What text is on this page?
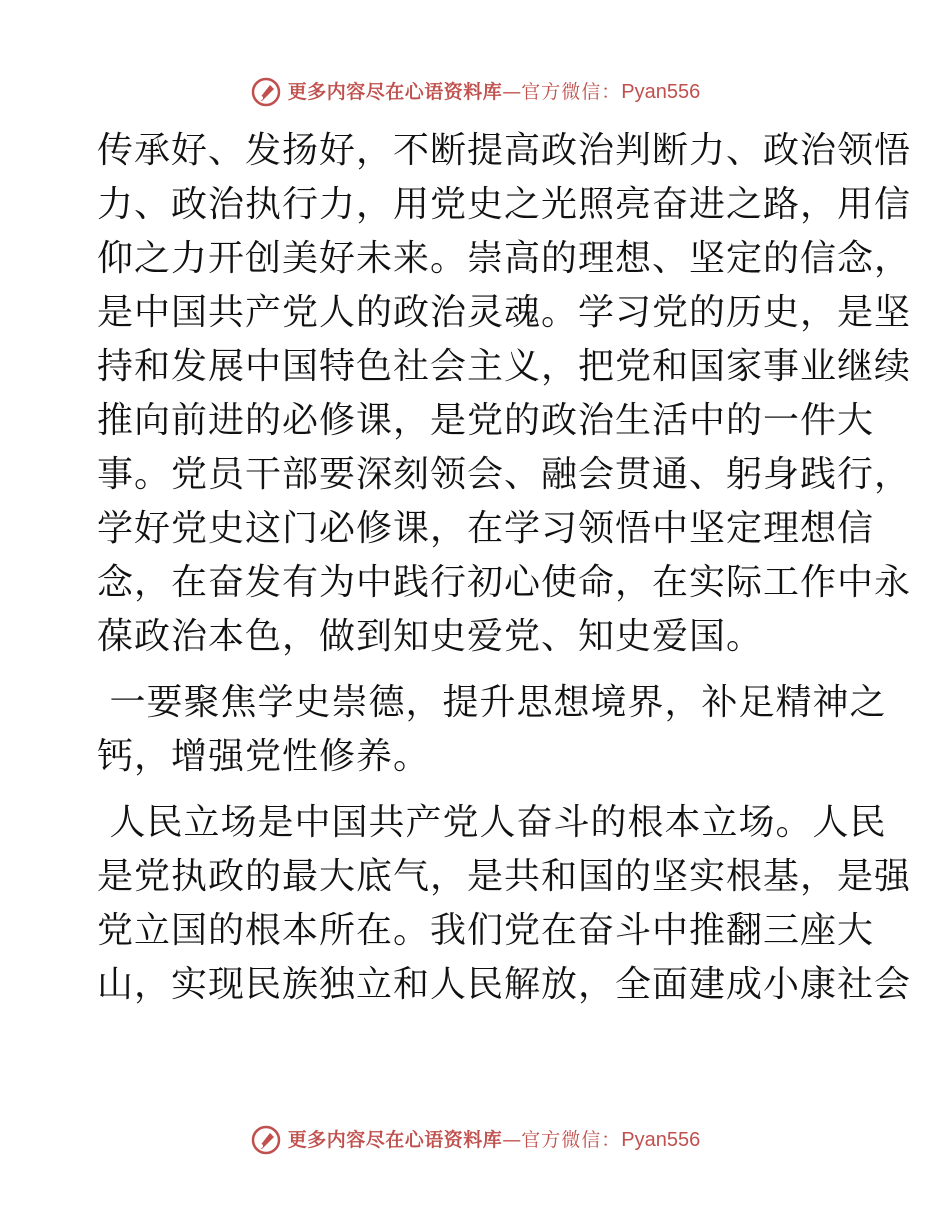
更多内容尽在心语资料库 — 官方微信： Pyan556
传承好、发扬好，不断提高政治判断力、政治领悟
力、政治执行力，用党史之光照亮奋进之路，用信
仰之力开创美好未来。崇高的理想、坚定的信念，
是中国共产党人的政治灵魂。学习党的历史，是坚
持和发展中国特色社会主义，把党和国家事业继续
推向前进的必修课，是党的政治生活中的一件大
事。党员干部要深刻领会、融会贯通、躬身践行，
学好党史这门必修课，在学习领悟中坚定理想信
念，在奋发有为中践行初心使命，在实际工作中永
葆政治本色，做到知史爱党、知史爱国。
一要聚焦学史崇德，提升思想境界，补足精神之
钙，增强党性修养。
人民立场是中国共产党人奋斗的根本立场。人民
是党执政的最大底气，是共和国的坚实根基，是强
党立国的根本所在。我们党在奋斗中推翻三座大
山，实现民族独立和人民解放，全面建成小康社会
更多内容尽在心语资料库 — 官方微信： Pyan556
